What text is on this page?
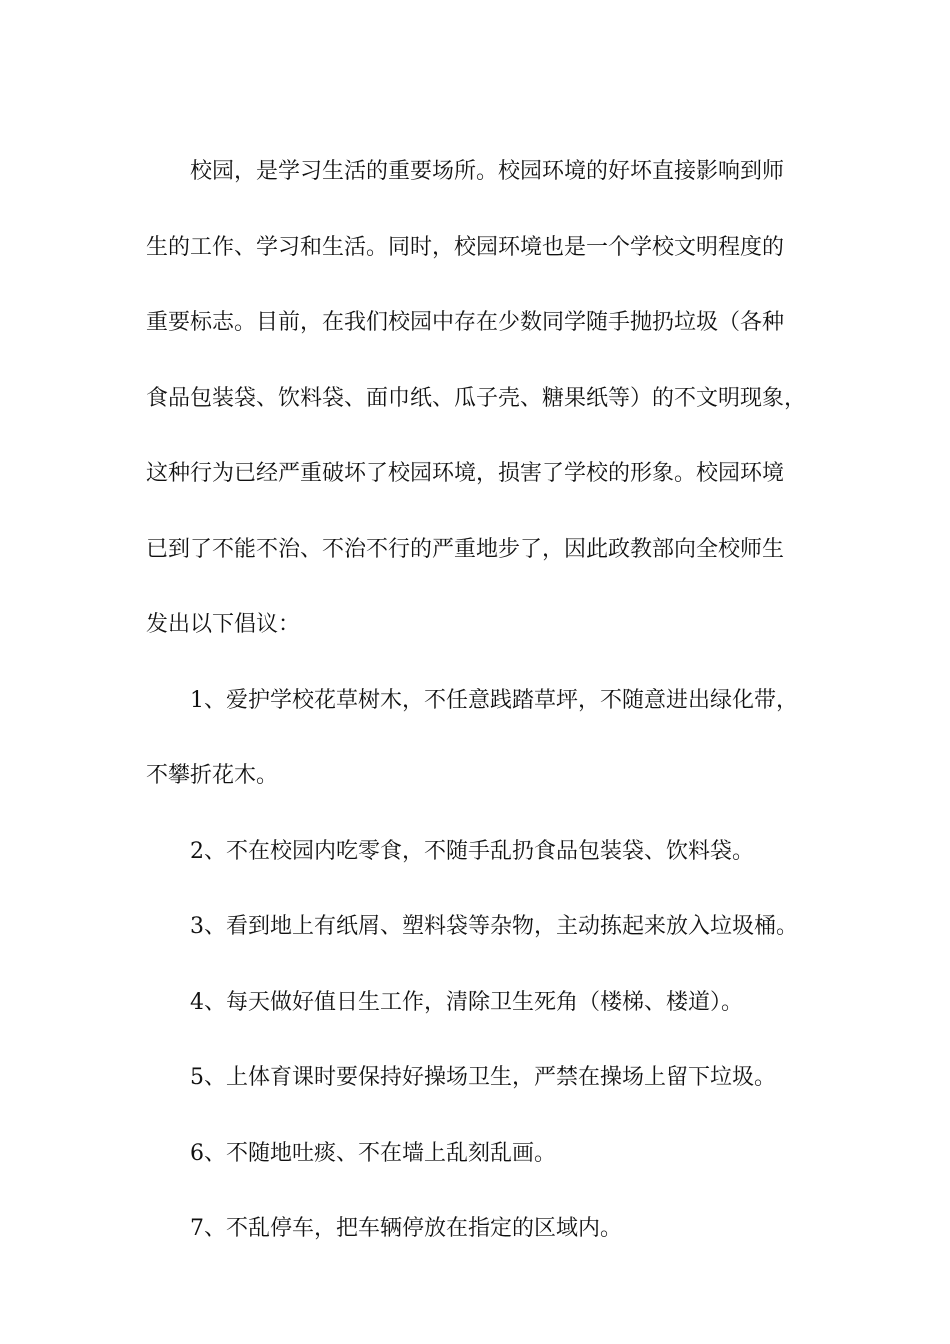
校园，是学习生活的重要场所。校园环境的好坏直接影响到师
生的工作、学习和生活。同时，校园环境也是一个学校文明程度的
重要标志。目前，在我们校园中存在少数同学随手抛扔垃圾（各种
食品包装袋、饮料袋、面巾纸、瓜子壳、糖果纸等）的不文明现象，
这种行为已经严重破坏了校园环境，损害了学校的形象。校园环境
已到了不能不治、不治不行的严重地步了，因此政教部向全校师生
发出以下倡议：
1、爱护学校花草树木，不任意践踏草坪，不随意进出绿化带，
不攀折花木。
2、不在校园内吃零食，不随手乱扔食品包装袋、饮料袋。
3、看到地上有纸屑、塑料袋等杂物，主动拣起来放入垃圾桶。
4、每天做好值日生工作，清除卫生死角（楼梯、楼道）。
5、上体育课时要保持好操场卫生，严禁在操场上留下垃圾。
6、不随地吐痰、不在墙上乱刻乱画。
7、不乱停车，把车辆停放在指定的区域内。
